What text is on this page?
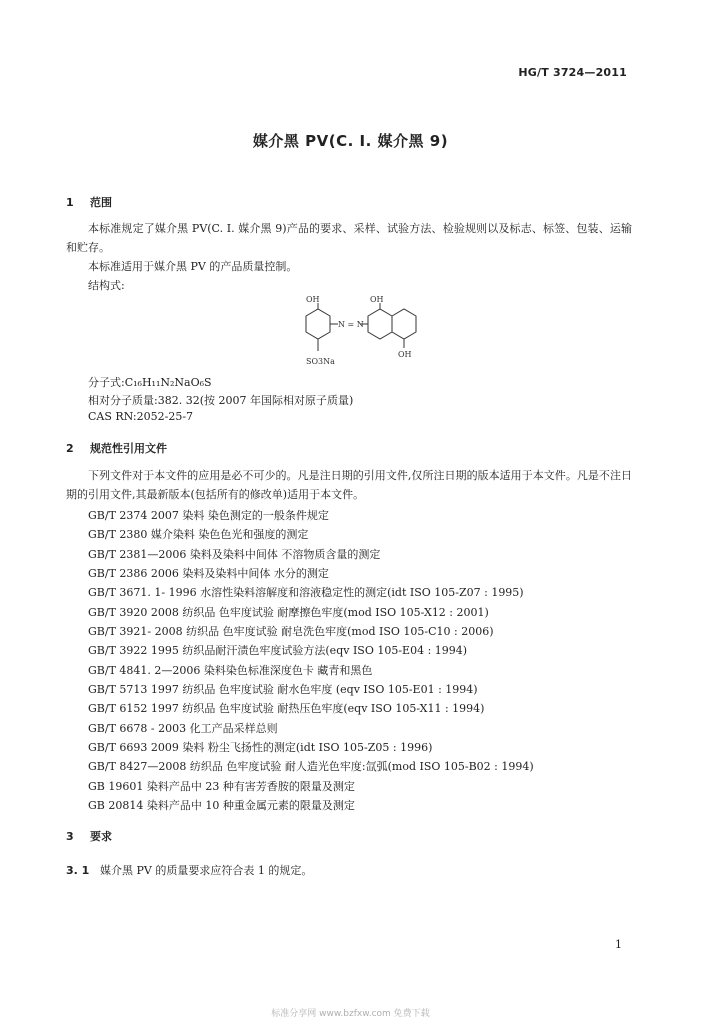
HG/T 3724—2011
媒介黑 PV(C. I. 媒介黑 9)
1 范围
本标准规定了媒介黑 PV(C. I. 媒介黑 9)产品的要求、采样、试验方法、检验规则以及标志、标签、包装、运输和贮存。
本标准适用于媒介黑 PV 的产品质量控制。
结构式:
OH
SO3Na
N = N
OH
OH
分子式:C₁₆H₁₁N₂NaO₆S
相对分子质量:382. 32(按 2007 年国际相对原子质量)
CAS RN:2052-25-7
2 规范性引用文件
下列文件对于本文件的应用是必不可少的。凡是注日期的引用文件,仅所注日期的版本适用于本文件。凡是不注日期的引用文件,其最新版本(包括所有的修改单)适用于本文件。
GB/T 2374 2007 染料 染色测定的一般条件规定
GB/T 2380 媒介染料 染色色光和强度的测定
GB/T 2381—2006 染料及染料中间体 不溶物质含量的测定
GB/T 2386 2006 染料及染料中间体 水分的测定
GB/T 3671. 1- 1996 水溶性染料溶解度和溶液稳定性的测定(idt ISO 105-Z07 : 1995)
GB/T 3920 2008 纺织品 色牢度试验 耐摩擦色牢度(mod ISO 105-X12 : 2001)
GB/T 3921- 2008 纺织品 色牢度试验 耐皂洗色牢度(mod ISO 105-C10 : 2006)
GB/T 3922 1995 纺织品耐汗渍色牢度试验方法(eqv ISO 105-E04 : 1994)
GB/T 4841. 2—2006 染料染色标准深度色卡 藏青和黑色
GB/T 5713 1997 纺织品 色牢度试验 耐水色牢度 (eqv ISO 105-E01 : 1994)
GB/T 6152 1997 纺织品 色牢度试验 耐热压色牢度(eqv ISO 105-X11 : 1994)
GB/T 6678 - 2003 化工产品采样总则
GB/T 6693 2009 染料 粉尘飞扬性的测定(idt ISO 105-Z05 : 1996)
GB/T 8427—2008 纺织品 色牢度试验 耐人造光色牢度:氙弧(mod ISO 105-B02 : 1994)
GB 19601 染料产品中 23 种有害芳香胺的限量及测定
GB 20814 染料产品中 10 种重金属元素的限量及测定
3 要求
3. 1 媒介黑 PV 的质量要求应符合表 1 的规定。
1
标准分享网 www.bzfxw.com 免费下载
